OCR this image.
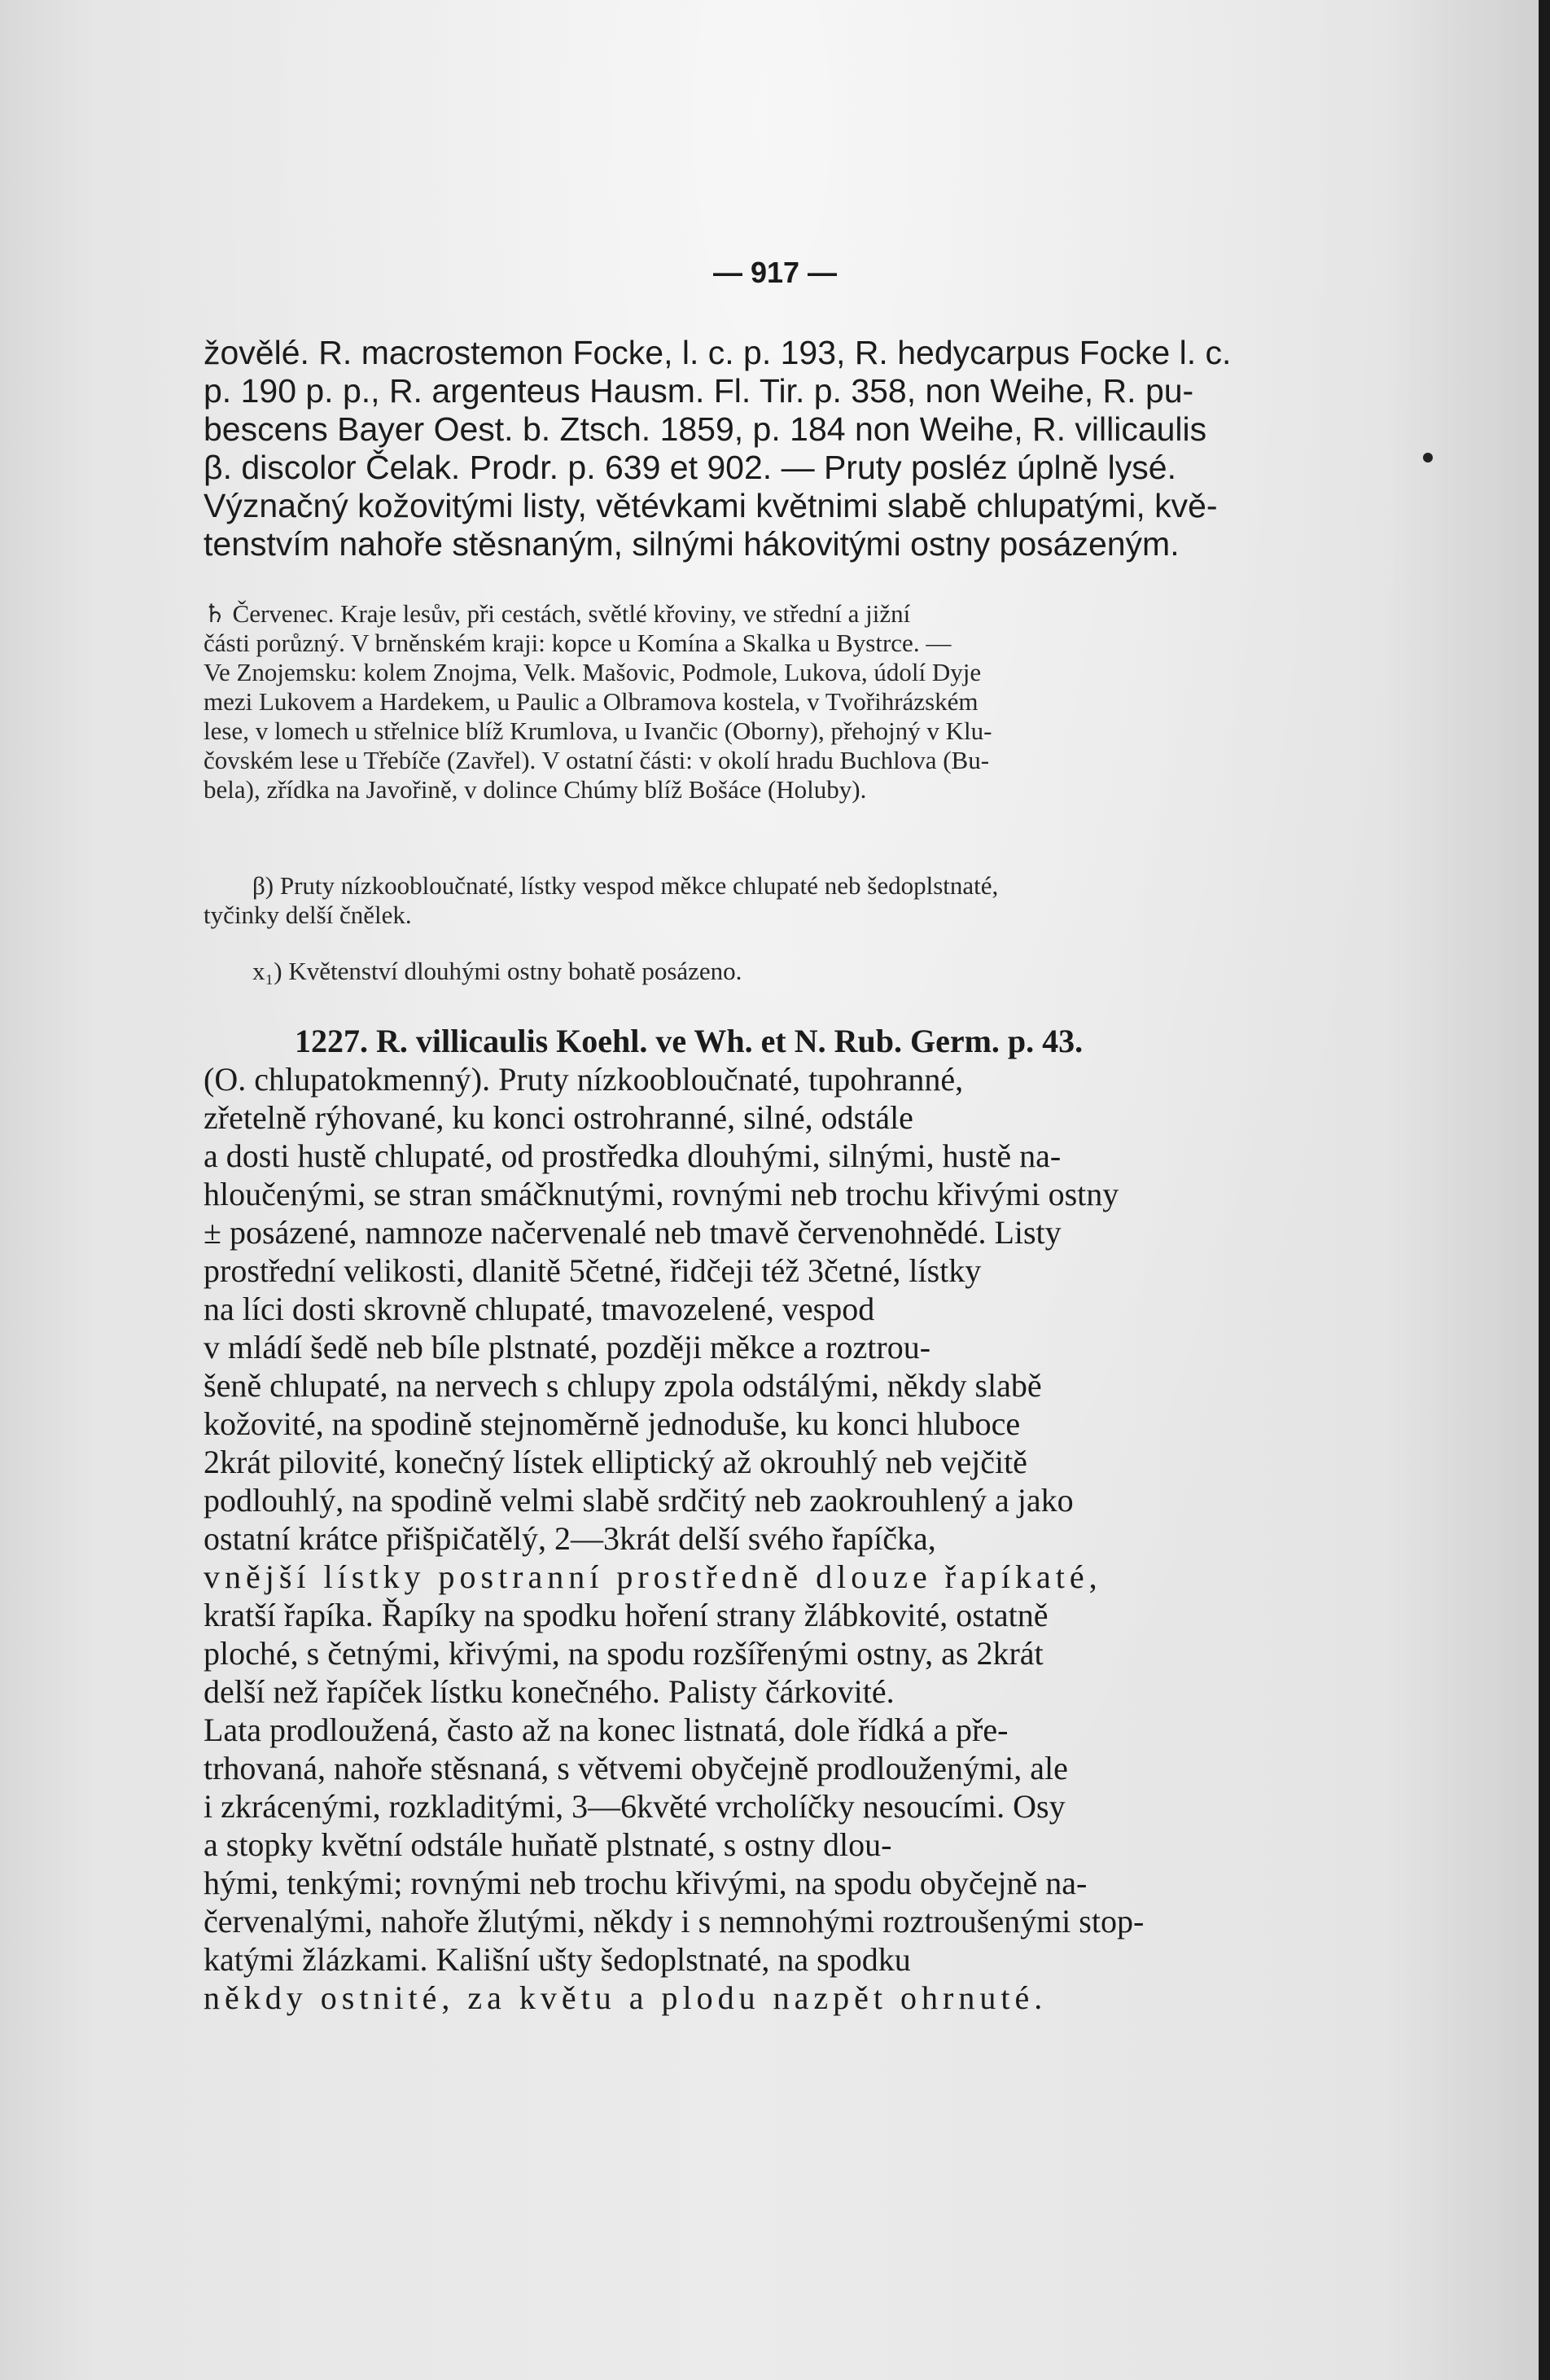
— 917 —
žovělé. R. macrostemon Focke, l. c. p. 193, R. hedycarpus Focke l. c.
p. 190 p. p., R. argenteus Hausm. Fl. Tir. p. 358, non Weihe, R. pu-
bescens Bayer Oest. b. Ztsch. 1859, p. 184 non Weihe, R. villicaulis
β. discolor Čelak. Prodr. p. 639 et 902. — Pruty posléz úplně lysé.
Význačný kožovitými listy, větévkami květnimi slabě chlupatými, kvě-
tenstvím nahoře stěsnaným, silnými hákovitými ostny posázeným.
♄ Červenec. Kraje lesův, při cestách, světlé křoviny, ve střední a jižní
části porůzný. V brněnském kraji: kopce u Komína a Skalka u Bystrce. —
Ve Znojemsku: kolem Znojma, Velk. Mašovic, Podmole, Lukova, údolí Dyje
mezi Lukovem a Hardekem, u Paulic a Olbramova kostela, v Tvořihrázském
lese, v lomech u střelnice blíž Krumlova, u Ivančic (Oborny), přehojný v Klu-
čovském lese u Třebíče (Zavřel). V ostatní části: v okolí hradu Buchlova (Bu-
bela), zřídka na Javořině, v dolince Chúmy blíž Bošáce (Holuby).
β) Pruty nízkoobloučnaté, lístky vespod měkce chlupaté neb šedoplstnaté,
tyčinky delší čnělek.
x₁) Květenství dlouhými ostny bohatě posázeno.
1227. R. villicaulis Koehl. ve Wh. et N. Rub. Germ. p. 43.
(O. chlupatokmenný). Pruty nízkoobloučnaté, tupohranné,
zřetelně rýhované, ku konci ostrohranné, silné, odstále
a dosti hustě chlupaté, od prostředka dlouhými, silnými, hustě na-
hloučenými, se stran smáčknutými, rovnými neb trochu křivými ostny
± posázené, namnoze načervenalé neb tmavě červenohnědé. Listy
prostřední velikosti, dlanitě 5četné, řidčeji též 3četné, lístky
na líci dosti skrovně chlupaté, tmavozelené, vespod
v mládí šedě neb bíle plstnaté, později měkce a roztrou-
šeně chlupaté, na nervech s chlupy zpola odstálými, někdy slabě
kožovité, na spodině stejnoměrně jednoduše, ku konci hluboce
2krát pilovité, konečný lístek elliptický až okrouhlý neb vejčitě
podlouhlý, na spodině velmi slabě srdčitý neb zaokrouhlený a jako
ostatní krátce přišpičatělý, 2—3krát delší svého řapíčka,
vnější lístky postranní prostředně dlouze řapíkaté,
kratší řapíka. Řapíky na spodku hoření strany žlábkovité, ostatně
ploché, s četnými, křivými, na spodu rozšířenými ostny, as 2krát
delší než řapíček lístku konečného. Palisty čárkovité.
Lata prodloužená, často až na konec listnatá, dole řídká a pře-
trhovaná, nahoře stěsnaná, s větvemi obyčejně prodlouženými, ale
i zkrácenými, rozkladitými, 3—6květé vrcholíčky nesoucími. Osy
a stopky květní odstále huňatě plstnaté, s ostny dlou-
hými, tenkými; rovnými neb trochu křivými, na spodu obyčejně na-
červenalými, nahoře žlutými, někdy i s nemnohými roztroušenými stop-
katými žlázkami. Kališní ušty šedoplstnaté, na spodku
někdy ostnité, za květu a plodu nazpět ohrnuté.
